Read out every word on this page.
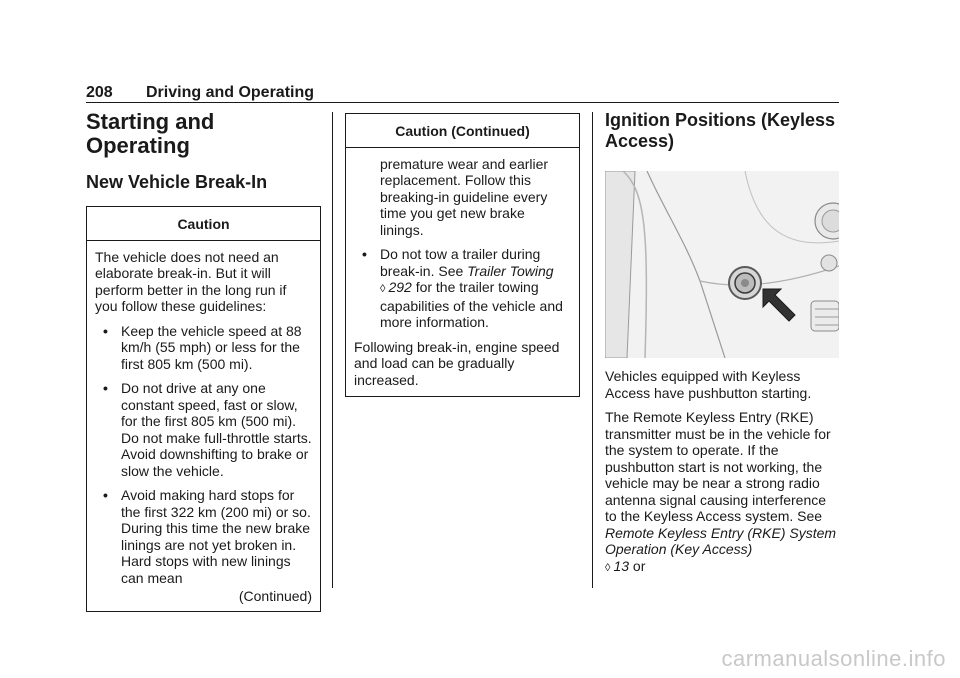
208 Driving and Operating
Starting and Operating
New Vehicle Break-In
Caution

The vehicle does not need an elaborate break-in. But it will perform better in the long run if you follow these guidelines:

• Keep the vehicle speed at 88 km/h (55 mph) or less for the first 805 km (500 mi).
• Do not drive at any one constant speed, fast or slow, for the first 805 km (500 mi). Do not make full-throttle starts. Avoid downshifting to brake or slow the vehicle.
• Avoid making hard stops for the first 322 km (200 mi) or so. During this time the new brake linings are not yet broken in. Hard stops with new linings can mean
(Continued)
Caution (Continued)

premature wear and earlier replacement. Follow this breaking-in guideline every time you get new brake linings.

• Do not tow a trailer during break-in. See Trailer Towing
◊ 292 for the trailer towing capabilities of the vehicle and more information.

Following break-in, engine speed and load can be gradually increased.

Ignition Positions (Keyless Access)

Vehicles equipped with Keyless Access have pushbutton starting.

The Remote Keyless Entry (RKE) transmitter must be in the vehicle for the system to operate. If the pushbutton start is not working, the vehicle may be near a strong radio antenna signal causing interference to the Keyless Access system. See
Remote Keyless Entry (RKE) System Operation (Key Access)
◊ 13 or

carmanualsonline.info
